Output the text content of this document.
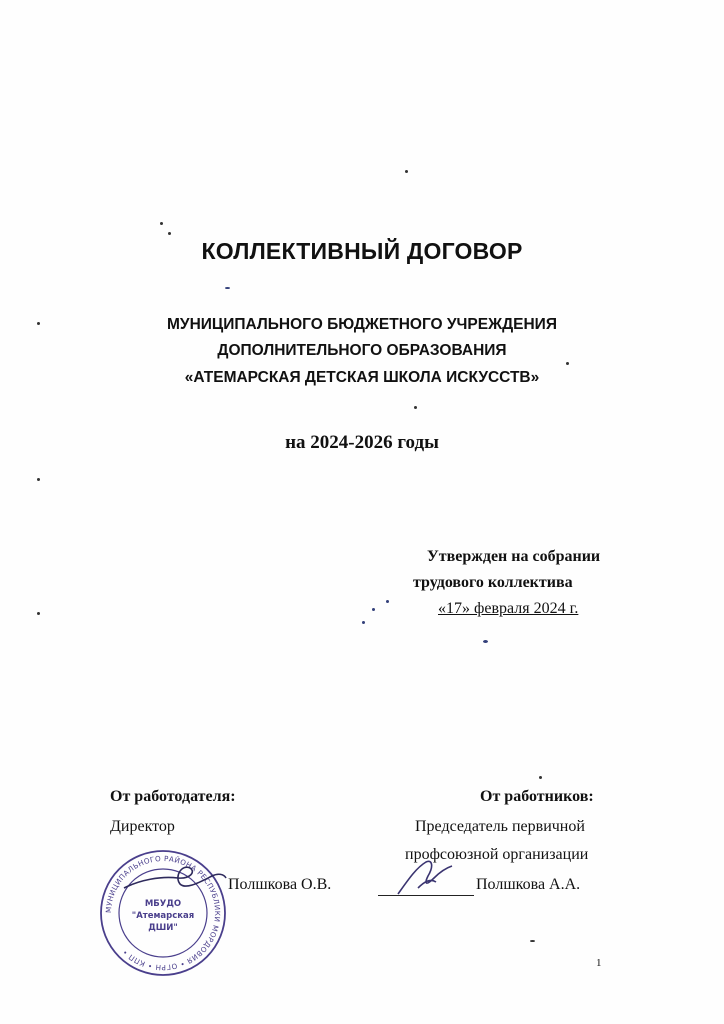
КОЛЛЕКТИВНЫЙ ДОГОВОР
МУНИЦИПАЛЬНОГО БЮДЖЕТНОГО УЧРЕЖДЕНИЯ
ДОПОЛНИТЕЛЬНОГО ОБРАЗОВАНИЯ
«АТЕМАРСКАЯ ДЕТСКАЯ ШКОЛА ИСКУССТВ»
на 2024-2026 годы
Утвержден на собрании
трудового коллектива
«17» февраля 2024 г.
От работодателя:
Директор
Полшкова О.В.
От работников:
Председатель первичной
профсоюзной организации
Полшкова А.А.
МУНИЦИПАЛЬНОГО РАЙОНА РЕСПУБЛИКИ МОРДОВИЯ • ОГРН • КПП •
МБУДО
"Атемарская
ДШИ"
1
